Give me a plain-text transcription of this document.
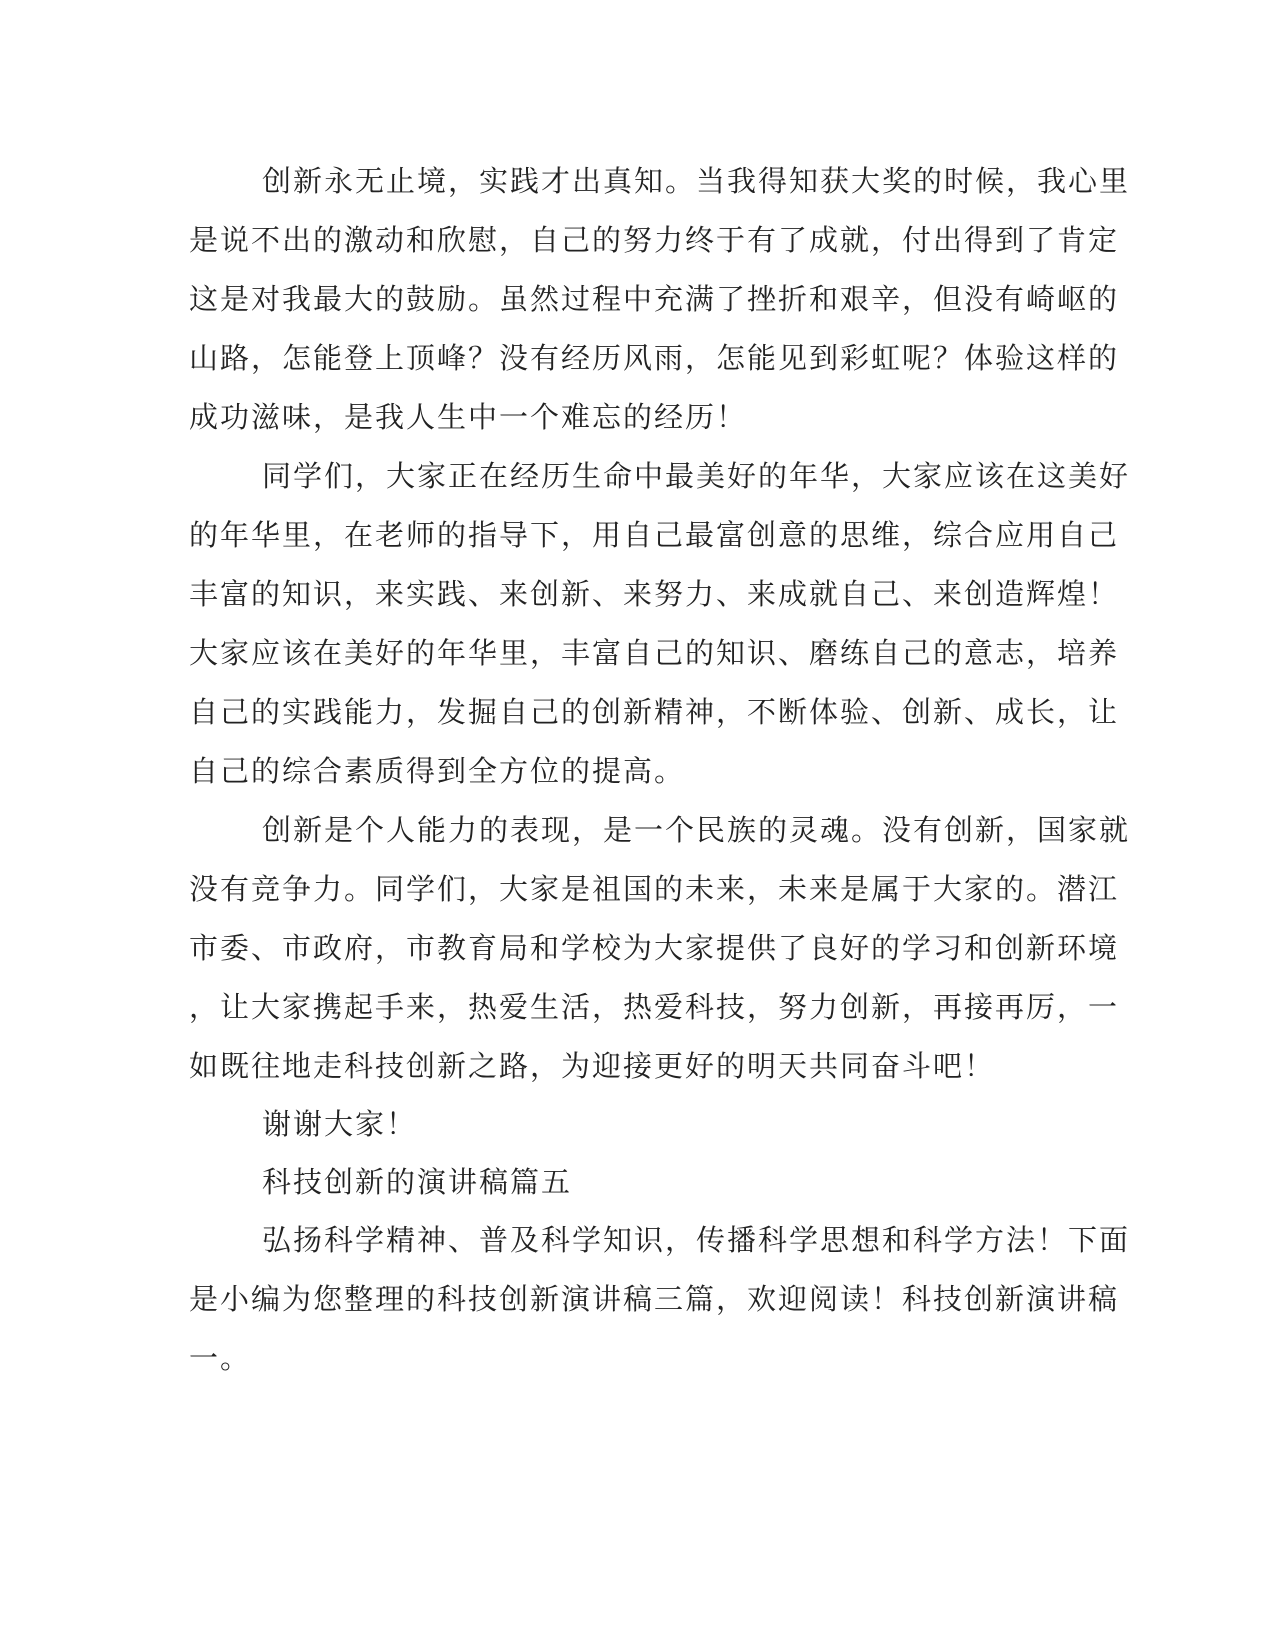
创新永无止境，实践才出真知。当我得知获大奖的时候，我心里
是说不出的激动和欣慰，自己的努力终于有了成就，付出得到了肯定
这是对我最大的鼓励。虽然过程中充满了挫折和艰辛，但没有崎岖的
山路，怎能登上顶峰？没有经历风雨，怎能见到彩虹呢？体验这样的
成功滋味，是我人生中一个难忘的经历！
同学们，大家正在经历生命中最美好的年华，大家应该在这美好
的年华里，在老师的指导下，用自己最富创意的思维，综合应用自己
丰富的知识，来实践、来创新、来努力、来成就自己、来创造辉煌！
大家应该在美好的年华里，丰富自己的知识、磨练自己的意志，培养
自己的实践能力，发掘自己的创新精神，不断体验、创新、成长，让
自己的综合素质得到全方位的提高。
创新是个人能力的表现，是一个民族的灵魂。没有创新，国家就
没有竞争力。同学们，大家是祖国的未来，未来是属于大家的。潜江
市委、市政府，市教育局和学校为大家提供了良好的学习和创新环境
，让大家携起手来，热爱生活，热爱科技，努力创新，再接再厉，一
如既往地走科技创新之路，为迎接更好的明天共同奋斗吧！
谢谢大家！
科技创新的演讲稿篇五
弘扬科学精神、普及科学知识，传播科学思想和科学方法！下面
是小编为您整理的科技创新演讲稿三篇，欢迎阅读！科技创新演讲稿
一。
